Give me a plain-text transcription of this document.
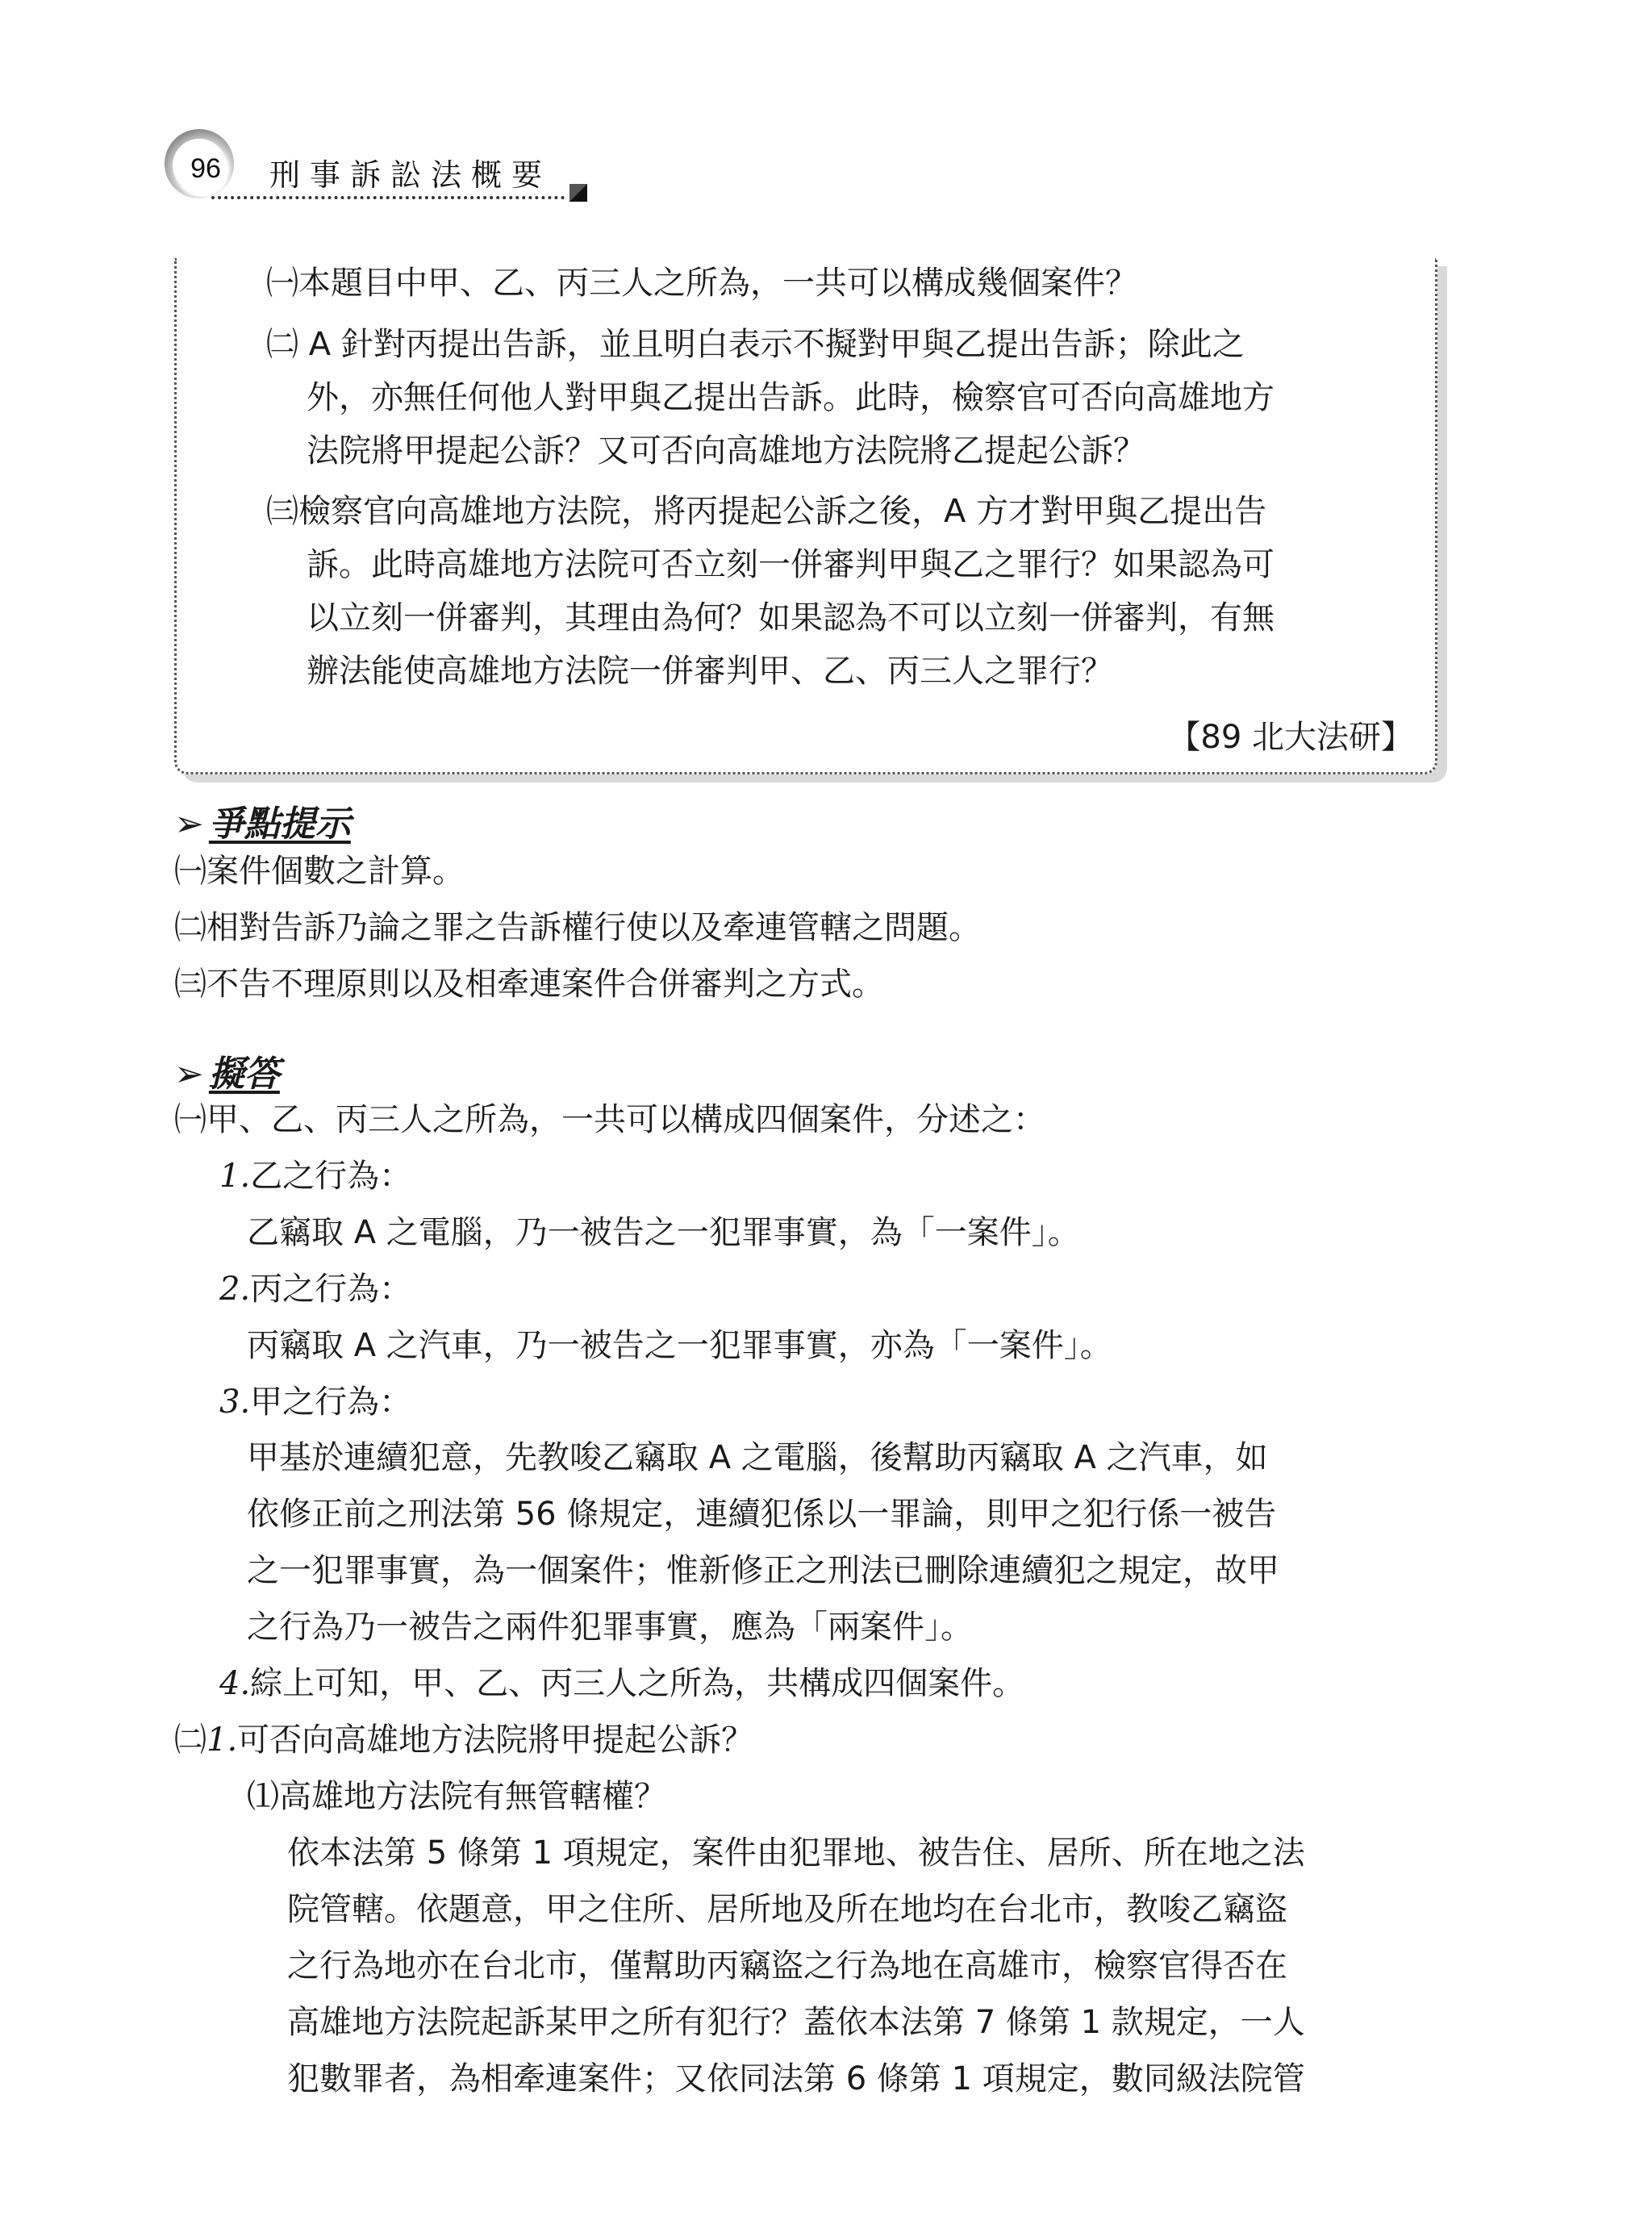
96 刑事訴訟法概要
㈠本題目中甲、乙、丙三人之所為，一共可以構成幾個案件？
㈡ A 針對丙提出告訴，並且明白表示不擬對甲與乙提出告訴；除此之
外，亦無任何他人對甲與乙提出告訴。此時，檢察官可否向高雄地方
法院將甲提起公訴？又可否向高雄地方法院將乙提起公訴？
㈢檢察官向高雄地方法院，將丙提起公訴之後，A 方才對甲與乙提出告
訴。此時高雄地方法院可否立刻一併審判甲與乙之罪行？如果認為可
以立刻一併審判，其理由為何？如果認為不可以立刻一併審判，有無
辦法能使高雄地方法院一併審判甲、乙、丙三人之罪行？
【89 北大法研】
➢ 爭點提示
㈠案件個數之計算。
㈡相對告訴乃論之罪之告訴權行使以及牽連管轄之問題。
㈢不告不理原則以及相牽連案件合併審判之方式。
➢ 擬答
㈠甲、乙、丙三人之所為，一共可以構成四個案件，分述之：
1.乙之行為：
乙竊取 A 之電腦，乃一被告之一犯罪事實，為「一案件」。
2.丙之行為：
丙竊取 A 之汽車，乃一被告之一犯罪事實，亦為「一案件」。
3.甲之行為：
甲基於連續犯意，先教唆乙竊取 A 之電腦，後幫助丙竊取 A 之汽車，如
依修正前之刑法第 56 條規定，連續犯係以一罪論，則甲之犯行係一被告
之一犯罪事實，為一個案件；惟新修正之刑法已刪除連續犯之規定，故甲
之行為乃一被告之兩件犯罪事實，應為「兩案件」。
4.綜上可知，甲、乙、丙三人之所為，共構成四個案件。
㈡1.可否向高雄地方法院將甲提起公訴？
⑴高雄地方法院有無管轄權？
依本法第 5 條第 1 項規定，案件由犯罪地、被告住、居所、所在地之法
院管轄。依題意，甲之住所、居所地及所在地均在台北市，教唆乙竊盜
之行為地亦在台北市，僅幫助丙竊盜之行為地在高雄市，檢察官得否在
高雄地方法院起訴某甲之所有犯行？蓋依本法第 7 條第 1 款規定，一人
犯數罪者，為相牽連案件；又依同法第 6 條第 1 項規定，數同級法院管
